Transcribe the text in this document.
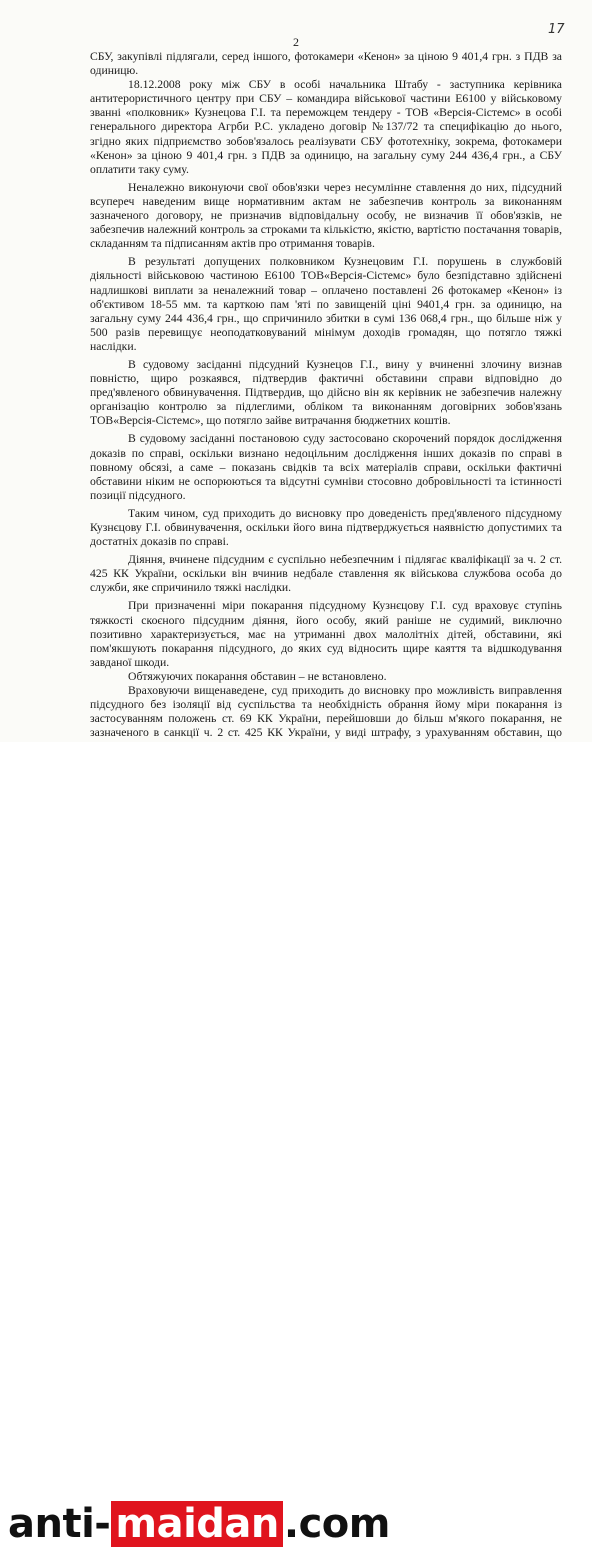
17
2

СБУ, закупівлі підлягали, серед іншого, фотокамери «Кенон» за ціною 9 401,4 грн. з ПДВ за одиницю.

18.12.2008 року між СБУ в особі начальника Штабу - заступника керівника антитерористичного центру при СБУ – командира військової частини Е6100 у військовому званні «полковник» Кузнецова Г.І. та переможцем тендеру - ТОВ «Версія-Сістемс» в особі генерального директора Агрби Р.С. укладено договір №137/72 та специфікацію до нього, згідно яких підприємство зобов'язалось реалізувати СБУ фототехніку, зокрема, фотокамери «Кенон» за ціною 9 401,4 грн. з ПДВ за одиницю, на загальну суму 244 436,4 грн., а СБУ оплатити таку суму.

Неналежно виконуючи свої обов'язки через несумлінне ставлення до них, підсудний всупереч наведеним вище нормативним актам не забезпечив контроль за виконанням зазначеного договору, не призначив відповідальну особу, не визначив її обов'язків, не забезпечив належний контроль за строками та кількістю, якістю, вартістю постачання товарів, складанням та підписанням актів про отримання товарів.

В результаті допущених полковником Кузнецовим Г.І. порушень в службовій діяльності військовою частиною Е6100 ТОВ«Версія-Сістемс» було безпідставно здійснені надлишкові виплати за неналежний товар – оплачено поставлені 26 фотокамер «Кенон» із об'єктивом 18-55 мм. та карткою пам 'яті по завищеній ціні 9401,4 грн. за одиницю, на загальну суму 244 436,4 грн., що спричинило збитки в сумі 136 068,4 грн., що більше ніж у 500 разів перевищує неоподатковуваний мінімум доходів громадян, що потягло тяжкі наслідки.

В судовому засіданні підсудний Кузнецов Г.І., вину у вчиненні злочину визнав повністю, щиро розкаявся, підтвердив фактичні обставини справи відповідно до пред'явленого обвинувачення. Підтвердив, що дійсно він як керівник не забезпечив належну організацію контролю за підлеглими, обліком та виконанням договірних зобов'язань ТОВ«Версія-Сістемс», що потягло зайве витрачання бюджетних коштів.

В судовому засіданні постановою суду застосовано скорочений порядок дослідження доказів по справі, оскільки визнано недоцільним дослідження інших доказів по справі в повному обсязі, а саме – показань свідків та всіх матеріалів справи, оскільки фактичні обставини ніким не оспорюються та відсутні сумніви стосовно добровільності та істинності позиції підсудного.

Таким чином, суд приходить до висновку про доведеність пред'явленого підсудному Кузнєцову Г.І. обвинувачення, оскільки його вина підтверджується наявністю допустимих та достатніх доказів по справі.

Діяння, вчинене підсудним є суспільно небезпечним і підлягає кваліфікації за ч. 2 ст. 425 КК України, оскільки він вчинив недбале ставлення як військова службова особа до служби, яке спричинило тяжкі наслідки.

При призначенні міри покарання підсудному Кузнєцову Г.І. суд враховує ступінь тяжкості скоєного підсудним діяння, його особу, який раніше не судимий, виключно позитивно характеризується, має на утриманні двох малолітніх дітей, обставини, які пом'якшують покарання підсудного, до яких суд відносить щире каяття та відшкодування завданої шкоди.

Обтяжуючих покарання обставин – не встановлено.

Враховуючи вищенаведене, суд приходить до висновку про можливість виправлення підсудного без ізоляції від суспільства та необхідність обрання йому міри покарання із застосуванням положень ст. 69 КК України, перейшовши до більш м'якого покарання, не зазначеного в санкції ч. 2 ст. 425 КК України, у виді штрафу, з урахуванням обставин, що

anti- maidan .com
